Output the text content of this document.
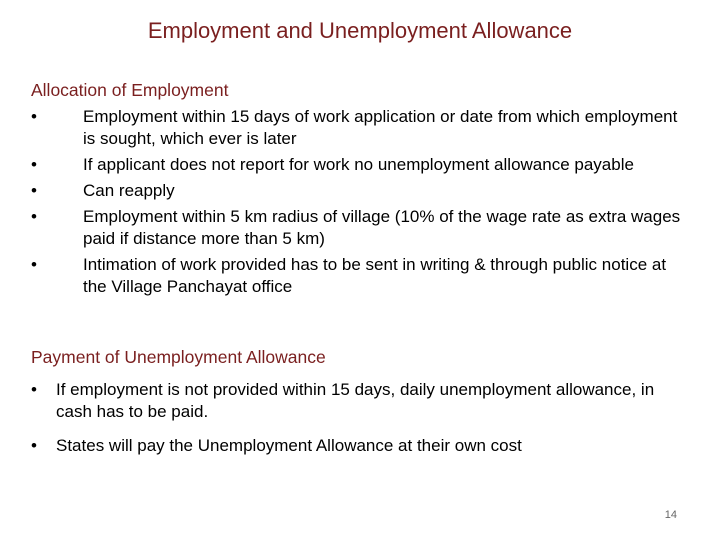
Employment and Unemployment Allowance
Allocation of Employment
•	Employment within 15 days of work application or date from which employment is sought, which ever is later
•	If applicant does not report for work no unemployment allowance payable
•	Can reapply
•	Employment within 5 km radius of village (10% of the wage rate as extra wages paid if distance more than 5 km)
•	Intimation of work provided has to be sent in writing & through public notice at the Village Panchayat office
Payment of Unemployment Allowance
• If employment is not provided within 15 days, daily unemployment allowance, in cash has to be paid.
• States will pay the Unemployment Allowance at their own cost
14
